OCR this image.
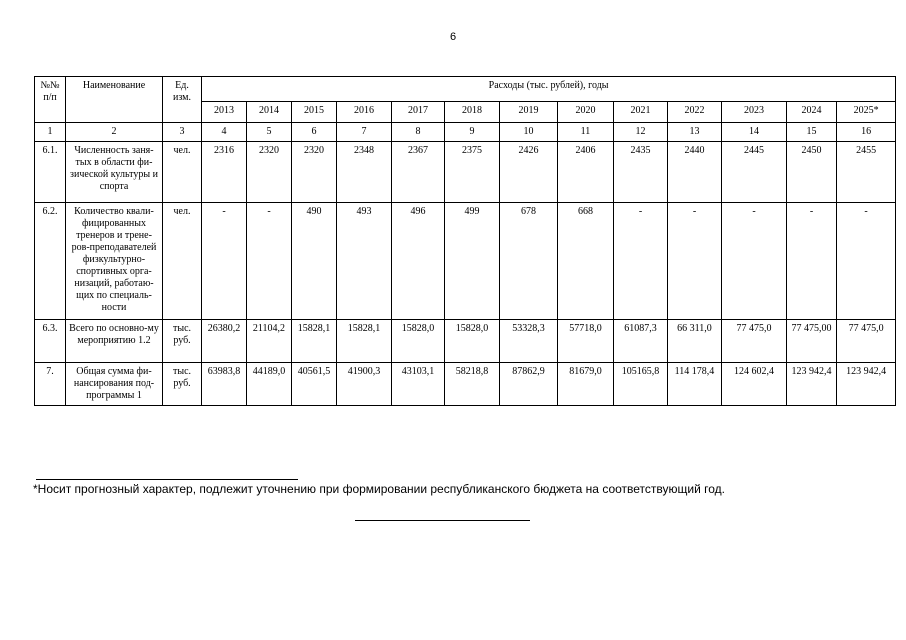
6
№№ п/п	Наименование	Ед. изм.	Расходы (тыс. рублей), годы												
			2013	2014	2015	2016	2017	2018	2019	2020	2021	2022	2023	2024	2025*
1	2	3	4	5	6	7	8	9	10	11	12	13	14	15	16
6.1.	Численность заня-тых в области фи-зической культуры и спорта	чел.	2316	2320	2320	2348	2367	2375	2426	2406	2435	2440	2445	2450	2455
6.2.	Количество квали-фицированных тренеров и трене-ров-преподавателей физкультурно-спортивных орга-низаций, работаю-щих по специаль-ности	чел.	-	-	490	493	496	499	678	668	-	-	-	-	-
6.3.	Всего по основно-му мероприятию 1.2	тыс. руб.	26380,2	21104,2	15828,1	15828,1	15828,0	15828,0	53328,3	57718,0	61087,3	66 311,0	77 475,0	77 475,00	77 475,0
7.	Общая сумма фи-нансирования под-программы 1	тыс. руб.	63983,8	44189,0	40561,5	41900,3	43103,1	58218,8	87862,9	81679,0	105165,8	114 178,4	124 602,4	123 942,4	123 942,4
*Носит прогнозный характер, подлежит уточнению при формировании республиканского бюджета на соответствующий год.
